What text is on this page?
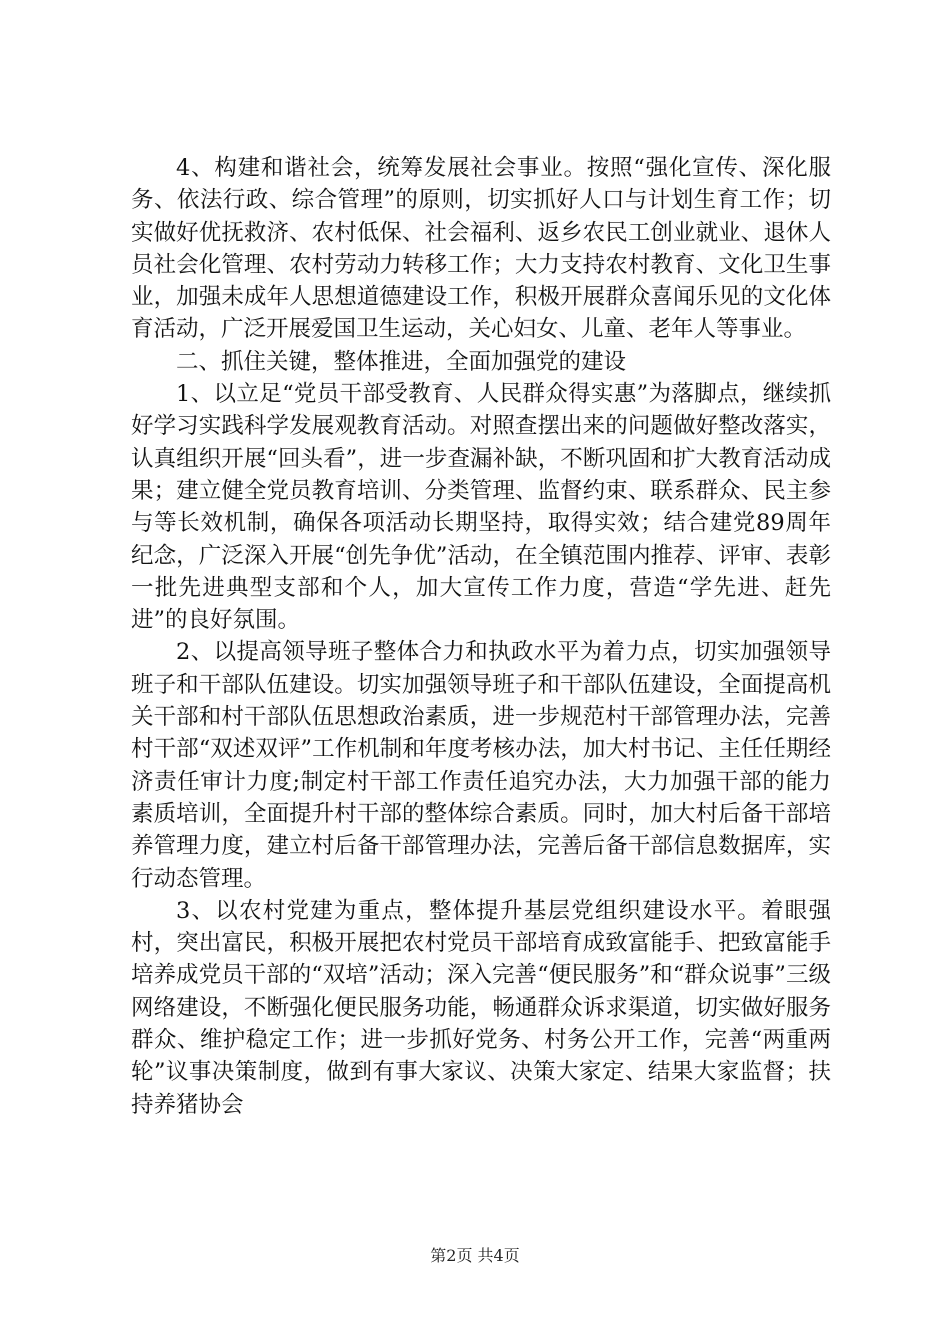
4、构建和谐社会，统筹发展社会事业。按照“强化宣传、深化服务、依法行政、综合管理”的原则，切实抓好人口与计划生育工作；切实做好优抚救济、农村低保、社会福利、返乡农民工创业就业、退休人员社会化管理、农村劳动力转移工作；大力支持农村教育、文化卫生事业，加强未成年人思想道德建设工作，积极开展群众喜闻乐见的文化体育活动，广泛开展爱国卫生运动，关心妇女、儿童、老年人等事业。

二、抓住关键，整体推进，全面加强党的建设

1、以立足“党员干部受教育、人民群众得实惠”为落脚点，继续抓好学习实践科学发展观教育活动。对照查摆出来的问题做好整改落实，认真组织开展“回头看”，进一步查漏补缺，不断巩固和扩大教育活动成果；建立健全党员教育培训、分类管理、监督约束、联系群众、民主参与等长效机制，确保各项活动长期坚持，取得实效；结合建党89周年纪念，广泛深入开展“创先争优”活动，在全镇范围内推荐、评审、表彰一批先进典型支部和个人，加大宣传工作力度，营造“学先进、赶先进”的良好氛围。

2、以提高领导班子整体合力和执政水平为着力点，切实加强领导班子和干部队伍建设。切实加强领导班子和干部队伍建设，全面提高机关干部和村干部队伍思想政治素质，进一步规范村干部管理办法，完善村干部“双述双评”工作机制和年度考核办法，加大村书记、主任任期经济责任审计力度;制定村干部工作责任追究办法，大力加强干部的能力素质培训，全面提升村干部的整体综合素质。同时，加大村后备干部培养管理力度，建立村后备干部管理办法，完善后备干部信息数据库，实行动态管理。

3、以农村党建为重点，整体提升基层党组织建设水平。着眼强村，突出富民，积极开展把农村党员干部培育成致富能手、把致富能手培养成党员干部的“双培”活动；深入完善“便民服务”和“群众说事”三级网络建设，不断强化便民服务功能，畅通群众诉求渠道，切实做好服务群众、维护稳定工作；进一步抓好党务、村务公开工作，完善“两重两轮”议事决策制度，做到有事大家议、决策大家定、结果大家监督；扶持养猪协会

第2页 共4页
